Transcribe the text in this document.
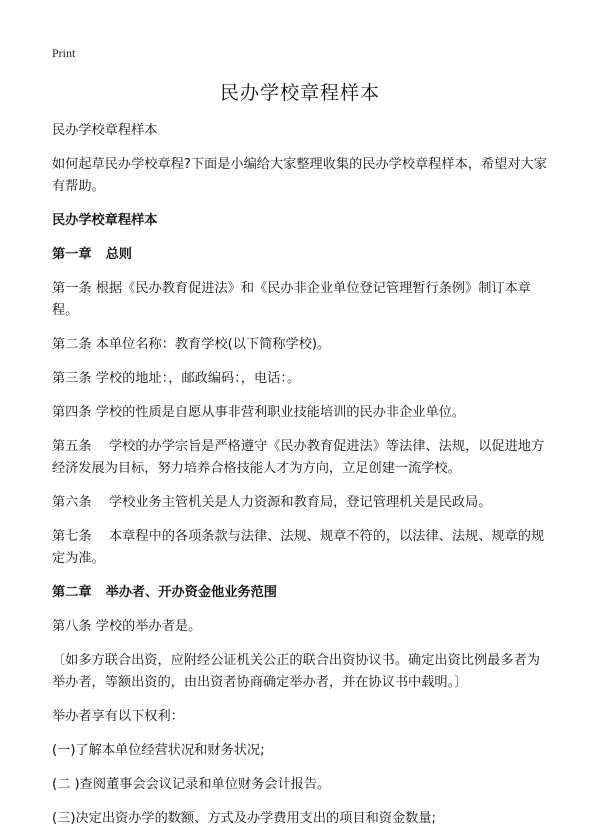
Print
民办学校章程样本

民办学校章程样本

如何起草民办学校章程?下面是小编给大家整理收集的民办学校章程样本，希望对大家有帮助。

民办学校章程样本

第一章 总则

第一条 根据《民办教育促进法》和《民办非企业单位登记管理暂行条例》制订本章程。

第二条 本单位名称：教育学校(以下简称学校)。

第三条 学校的地址：，邮政编码：，电话：。

第四条 学校的性质是自愿从事非营利职业技能培训的民办非企业单位。

第五条　 学校的办学宗旨是严格遵守《民办教育促进法》等法律、法规，以促进地方经济发展为目标，努力培养合格技能人才为方向，立足创建一流学校。

第六条　 学校业务主管机关是人力资源和教育局，登记管理机关是民政局。

第七条　 本章程中的各项条款与法律、法规、规章不符的，以法律、法规、规章的规定为准。

第二章 举办者、开办资金他业务范围

第八条 学校的举办者是。

〔如多方联合出资，应附经公证机关公正的联合出资协议书。确定出资比例最多者为举办者，等额出资的，由出资者协商确定举办者，并在协议书中载明。〕

举办者享有以下权利：

(一)了解本单位经营状况和财务状况;

(二 )查阅董事会会议记录和单位财务会计报告。

(三)决定出资办学的数额、方式及办学费用支出的项目和资金数量;
